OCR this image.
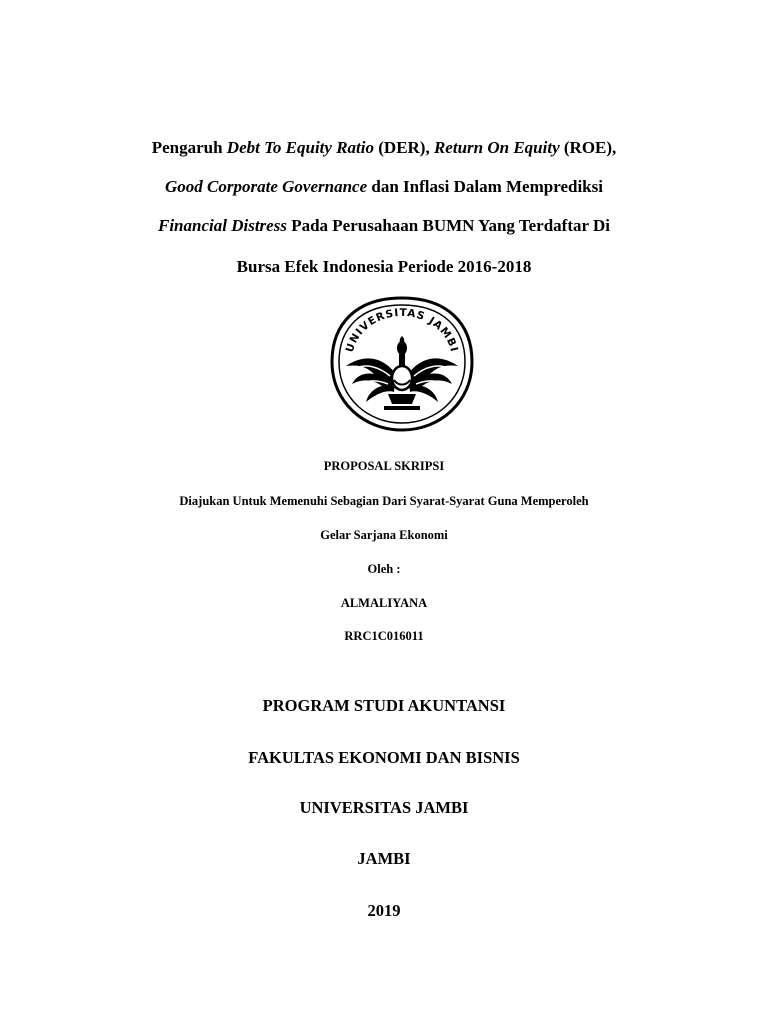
Pengaruh Debt To Equity Ratio (DER), Return On Equity (ROE),
Good Corporate Governance dan Inflasi Dalam Memprediksi
Financial Distress Pada Perusahaan BUMN Yang Terdaftar Di
Bursa Efek Indonesia Periode 2016-2018
UNIVERSITAS JAMBI
PROPOSAL SKRIPSI
Diajukan Untuk Memenuhi Sebagian Dari Syarat-Syarat Guna Memperoleh
Gelar Sarjana Ekonomi
Oleh :
ALMALIYANA
RRC1C016011
PROGRAM STUDI AKUNTANSI
FAKULTAS EKONOMI DAN BISNIS
UNIVERSITAS JAMBI
JAMBI
2019
